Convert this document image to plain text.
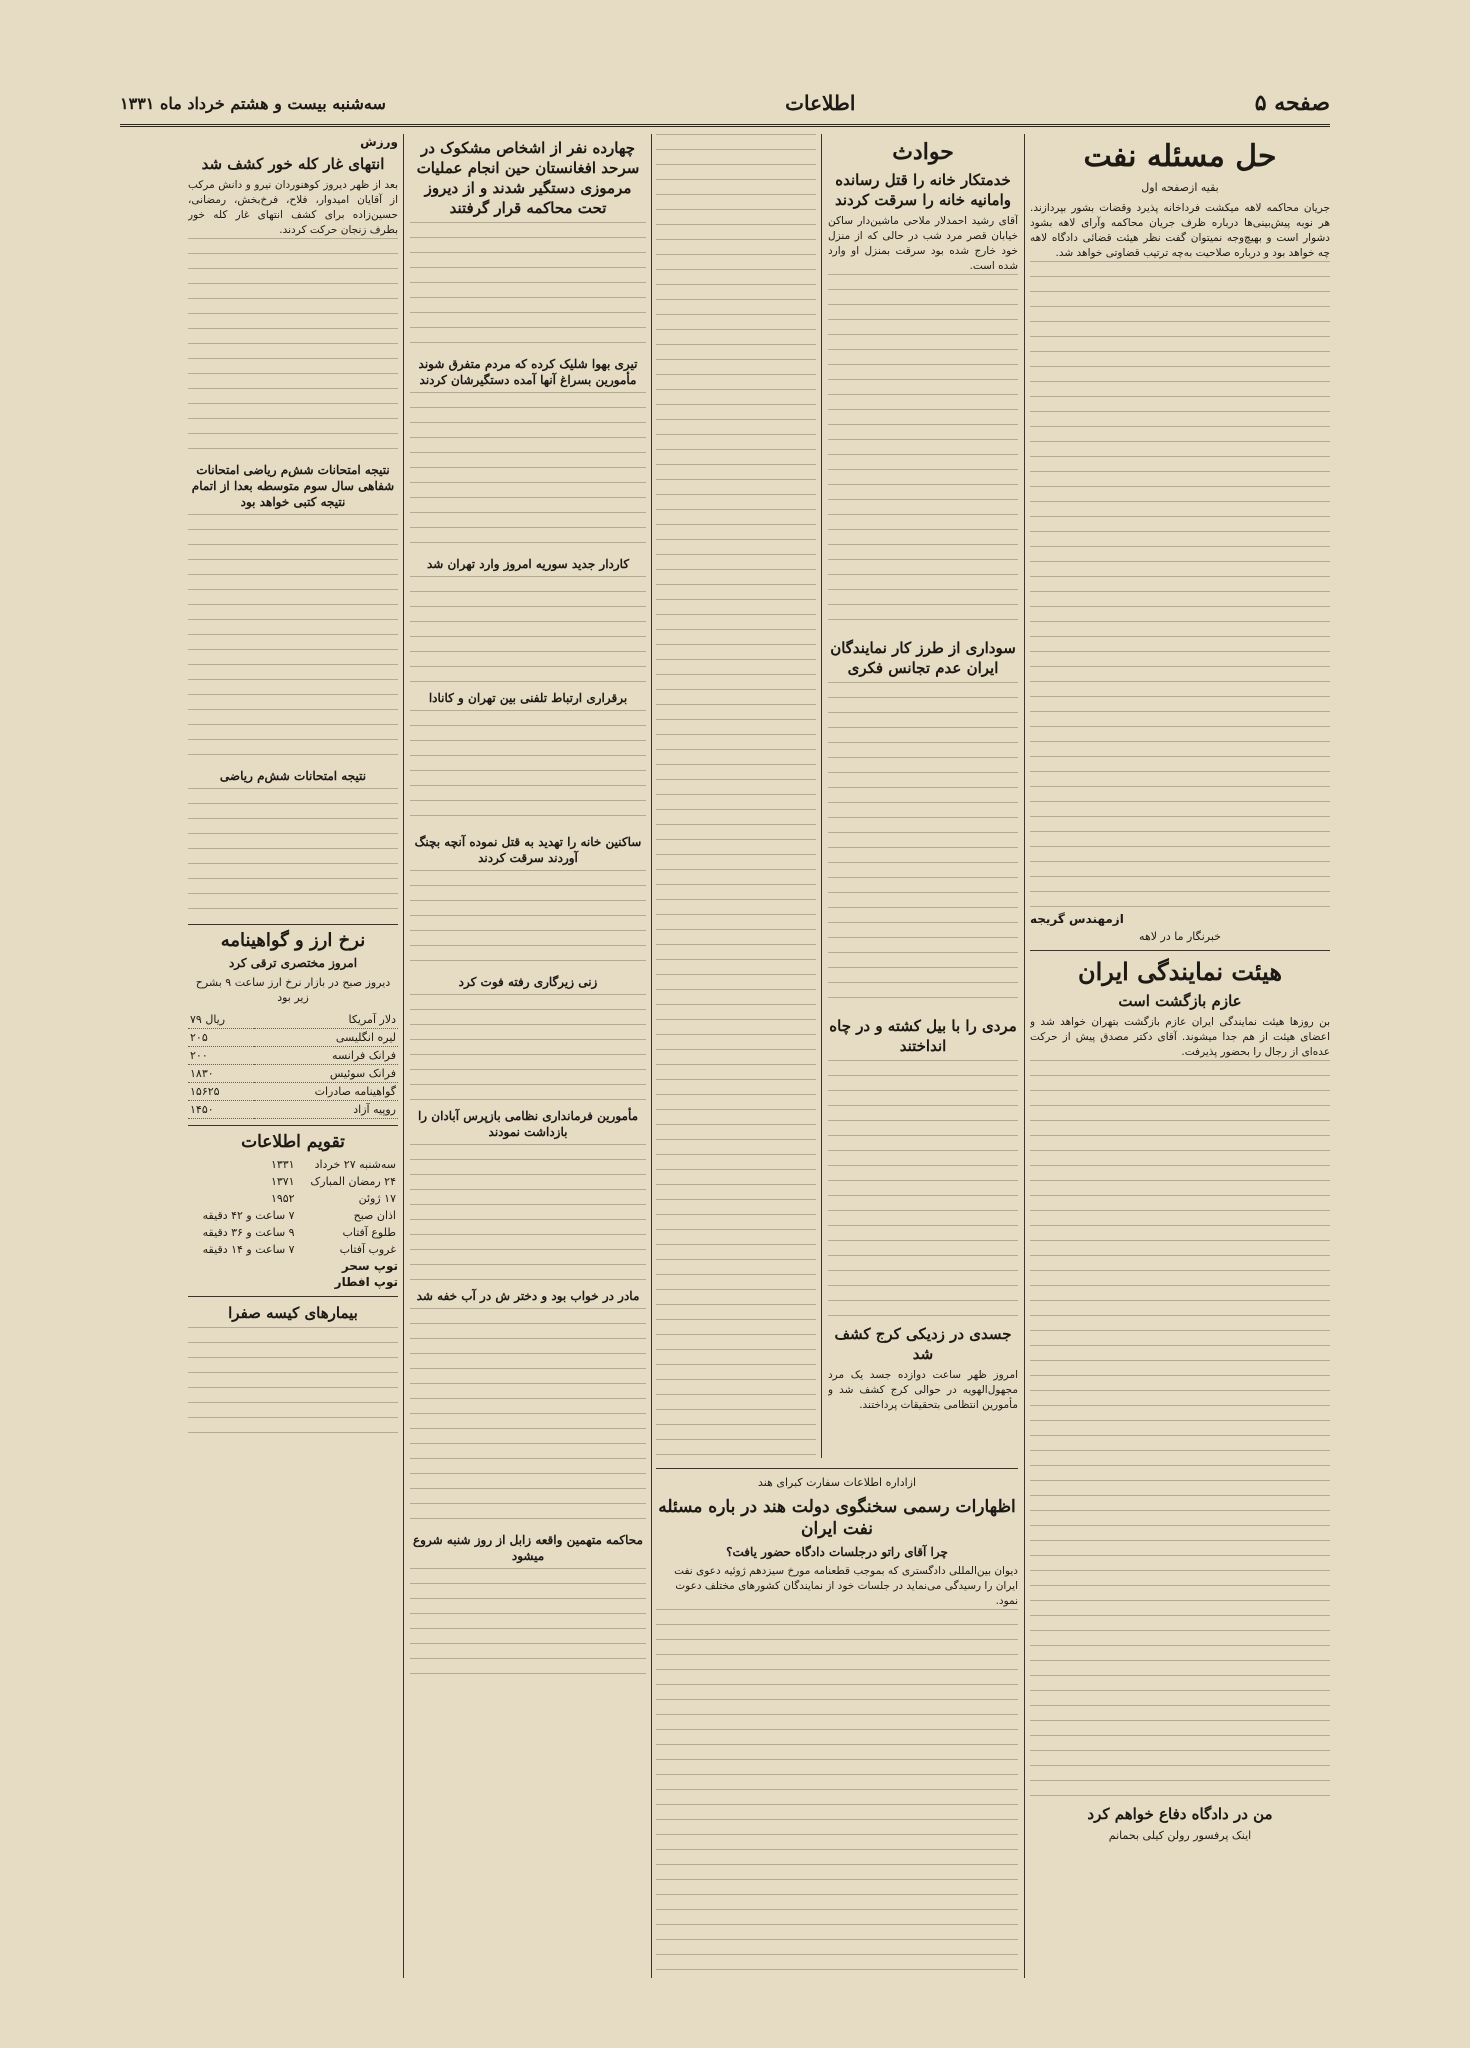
صفحه ۵
اطلاعات
سه‌شنبه بیست و هشتم خرداد ماه ۱۳۳۱
حل مسئله نفت
بقیه ازصفحه اول

جریان محاکمه لاهه میکشت فرداخانه پذیرد وقضات بشور بپردازند. هر نوبه پیش‌بینی‌ها درباره ظرف جریان محاکمه وآرای لاهه بشود دشوار است و بهیچ‌وجه نمیتوان گفت نظر هیئت قضائی دادگاه لاهه چه خواهد بود و درباره صلاحیت به‌چه ترتیب قضاوتی خواهد شد.

ازمهندس گریجه
خبرنگار ما در لاهه
هیئت نمایندگی ایران
عازم بازگشت است

بن روزها هیئت نمایندگی ایران عازم بازگشت بتهران خواهد شد و اعضای هیئت از هم جدا میشوند. آقای دکتر مصدق پیش از حرکت عده‌ای از رجال را بحضور پذیرفت.

من در دادگاه دفاع خواهم کرد
اینک پرفسور رولن کیلی بحمانم
حوادث
خدمتکار خانه را قتل رسانده وامانیه خانه را سرقت کردند

آقای رشید احمدلار ملاحی ماشین‌دار ساکن خیابان قصر مرد شب در حالی که از منزل خود خارج شده بود سرقت بمنزل او وارد شده است.

سوداری از طرز کار نمایندگان ایران عدم تجانس فکری
مردی را با بیل کشته و در چاه انداختند
جسدی در زدیکی کرج کشف شد

امروز ظهر ساعت دوازده جسد یک مرد مجهول‌الهویه در حوالی کرج کشف شد و مأمورین انتظامی بتحقیقات پرداختند.

چهارده نفر از اشخاص مشکوک در سرحد افغانستان حین انجام عملیات مرموزی دستگیر شدند و از دیروز تحت محاکمه قرار گرفتند
تیری بهوا شلیک کرده که مردم متفرق شوند مأمورین بسراغ آنها آمده دستگیرشان کردند
کاردار جدید سوریه امروز وارد تهران شد
برقراری ارتباط تلفنی بین تهران و کانادا
ساکنین خانه را تهدید به قتل نموده آنچه بچنگ آوردند سرقت کردند
زنی زیرگاری رفته فوت کرد
مأمورین فرمانداری نظامی بازپرس آبادان را بازداشت نمودند
مادر در خواب بود و دختر ش در آب خفه شد
محاکمه متهمین واقعه زابل از روز شنبه شروع میشود
ورزش
انتهای غار کله خور کشف شد

بعد از ظهر دیروز کوهنوردان نیرو و دانش مرکب از آقایان امیدوار، فلاح، فرخ‌بخش، رمضانی، حسین‌زاده برای کشف انتهای غار کله خور بطرف زنجان حرکت کردند.

نتیجه امتحانات شش‌م ریاضی امتحانات شفاهی سال سوم متوسطه بعدا از اتمام نتیجه کتبی خواهد بود
نتیجه امتحانات شش‌م ریاضی
نرخ ارز و گواهینامه
امروز مختصری ترقی کرد
دیروز صبح در بازار نرخ ارز ساعت ۹ بشرح زیر بود
دلار آمریکا	۷۹ ریال
لیره انگلیسی	۲۰۵
فرانک فرانسه	۲۰۰
فرانک سوئیس	۱۸۳۰
گواهینامه صادرات	۱۵۶۲۵
روپیه آزاد	۱۴۵۰
تقویم اطلاعات
سه‌شنبه ۲۷ خرداد	۱۳۳۱
۲۴ رمضان المبارک	۱۳۷۱
۱۷ ژوئن	۱۹۵۲
اذان صبح	۷ ساعت و ۴۲ دقیقه
طلوع آفتاب	۹ ساعت و ۳۶ دقیقه
غروب آفتاب	۷ ساعت و ۱۴ دقیقه
توپ سحر
توپ افطار
بیمارهای کیسه صفرا
ازاداره اطلاعات سفارت کبرای هند
اظهارات رسمی سخنگوی دولت هند در باره مسئله نفت ایران
چرا آقای راتو درجلسات دادگاه حضور یافت؟

دیوان بین‌المللی دادگستری که بموجب قطعنامه مورخ سیزدهم ژوئیه دعوی نفت ایران را رسیدگی می‌نماید در جلسات خود از نمایندگان کشورهای مختلف دعوت نمود.
